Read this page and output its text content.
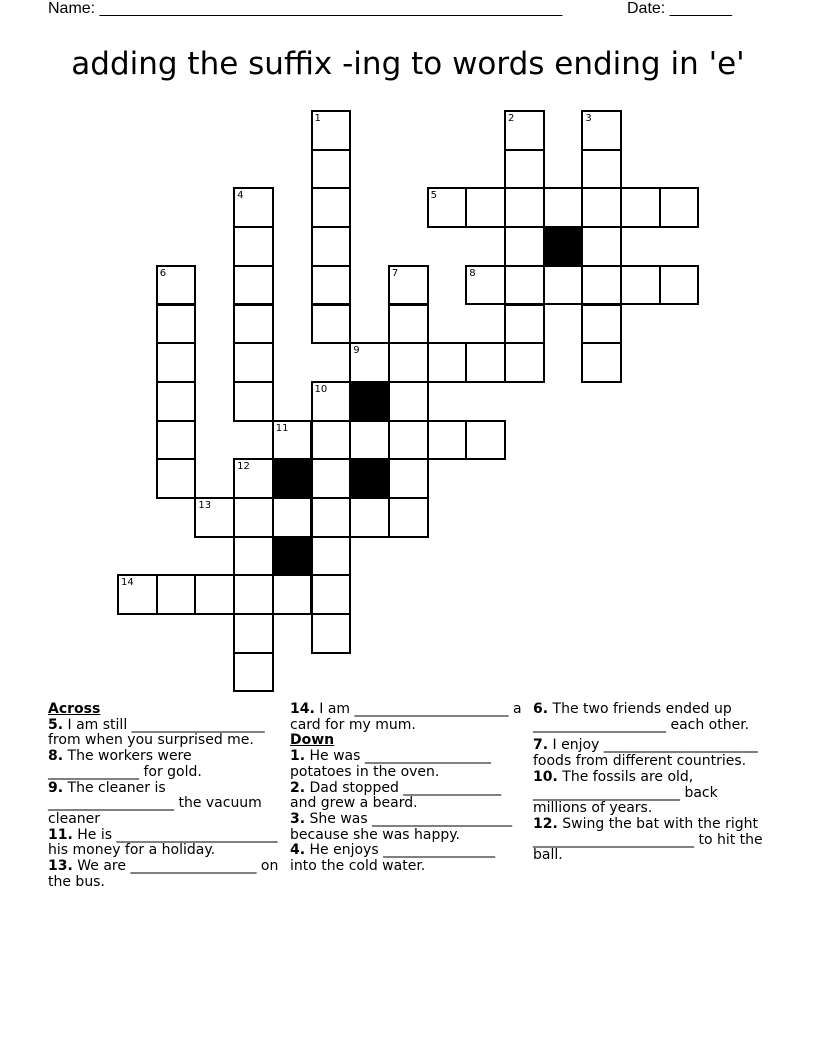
Name: ____________________________________________________	Date: _______
adding the suffix -ing to words ending in 'e'
1	2	3
4	5
6	7	8
9
10
11
12
13
14
Across

5. I am still ___________________ from when you surprised me.

8. The workers were _____________ for gold.

9. The cleaner is __________________ the vacuum cleaner

11. He is _______________________ his money for a holiday.

13. We are __________________ on the bus.

14. I am ______________________ a card for my mum.

Down

1. He was __________________ potatoes in the oven.

2. Dad stopped ______________ and grew a beard.

3. She was ____________________ because she was happy.

4. He enjoys ________________ into the cold water.

6. The two friends ended up ___________________ each other.

7. I enjoy ______________________ foods from different countries.

10. The fossils are old, _____________________ back millions of years.

12. Swing the bat with the right _______________________ to hit the ball.
